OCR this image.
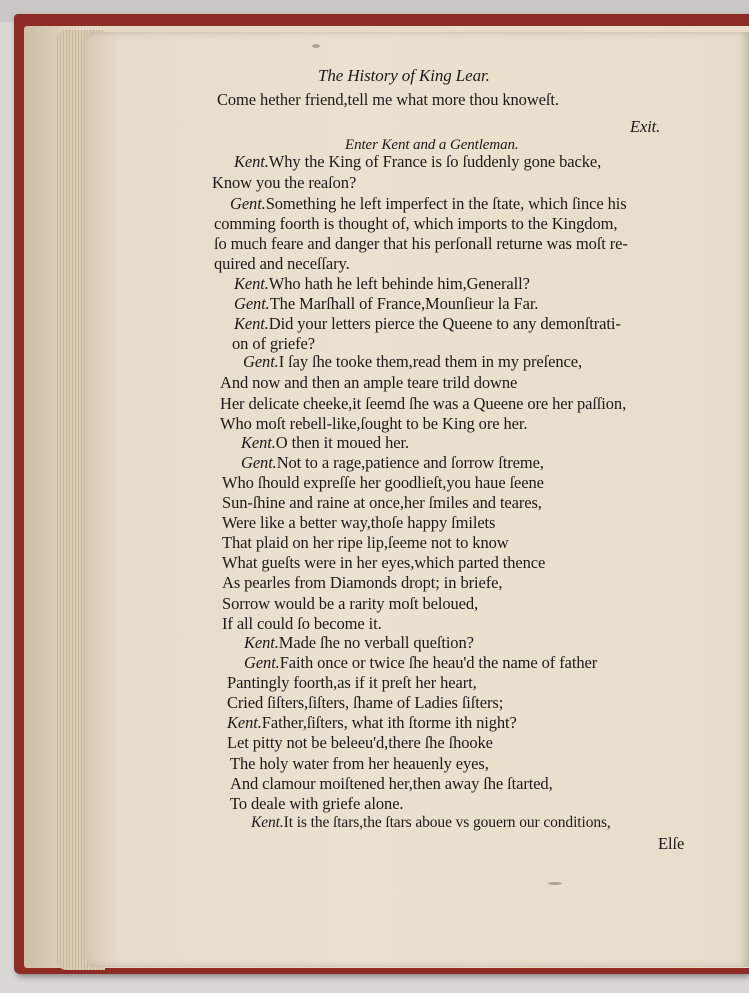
The History of King Lear.
Come hether friend,tell me what more thou knoweſt.
Exit.
Enter Kent and a Gentleman.
Kent.Why the King of France is ſo ſuddenly gone backe,
Know you the reaſon?
Gent.Something he left imperfect in the ſtate, which ſince his
comming foorth is thought of, which imports to the Kingdom,
ſo much feare and danger that his perſonall returne was moſt re-
quired and neceſſary.
Kent.Who hath he left behinde him,Generall?
Gent.The Marſhall of France,Mounſieur la Far.
Kent.Did your letters pierce the Queene to any demonſtrati-
on of griefe?
Gent.I ſay ſhe tooke them,read them in my preſence,
And now and then an ample teare trild downe
Her delicate cheeke,it ſeemd ſhe was a Queene ore her paſſion,
Who moſt rebell-like,ſought to be King ore her.
Kent.O then it moued her.
Gent.Not to a rage,patience and ſorrow ſtreme,
Who ſhould expreſſe her goodlieſt,you haue ſeene
Sun-ſhine and raine at once,her ſmiles and teares,
Were like a better way,thoſe happy ſmilets
That plaid on her ripe lip,ſeeme not to know
What gueſts were in her eyes,which parted thence
As pearles from Diamonds dropt; in briefe,
Sorrow would be a rarity moſt beloued,
If all could ſo become it.
Kent.Made ſhe no verball queſtion?
Gent.Faith once or twice ſhe heau'd the name of father
Pantingly foorth,as if it preſt her heart,
Cried ſiſters,ſiſters, ſhame of Ladies ſiſters;
Kent.Father,ſiſters, what ith ſtorme ith night?
Let pitty not be beleeu'd,there ſhe ſhooke
The holy water from her heauenly eyes,
And clamour moiſtened her,then away ſhe ſtarted,
To deale with griefe alone.
Kent.It is the ſtars,the ſtars aboue vs gouern our conditions,
Elſe
